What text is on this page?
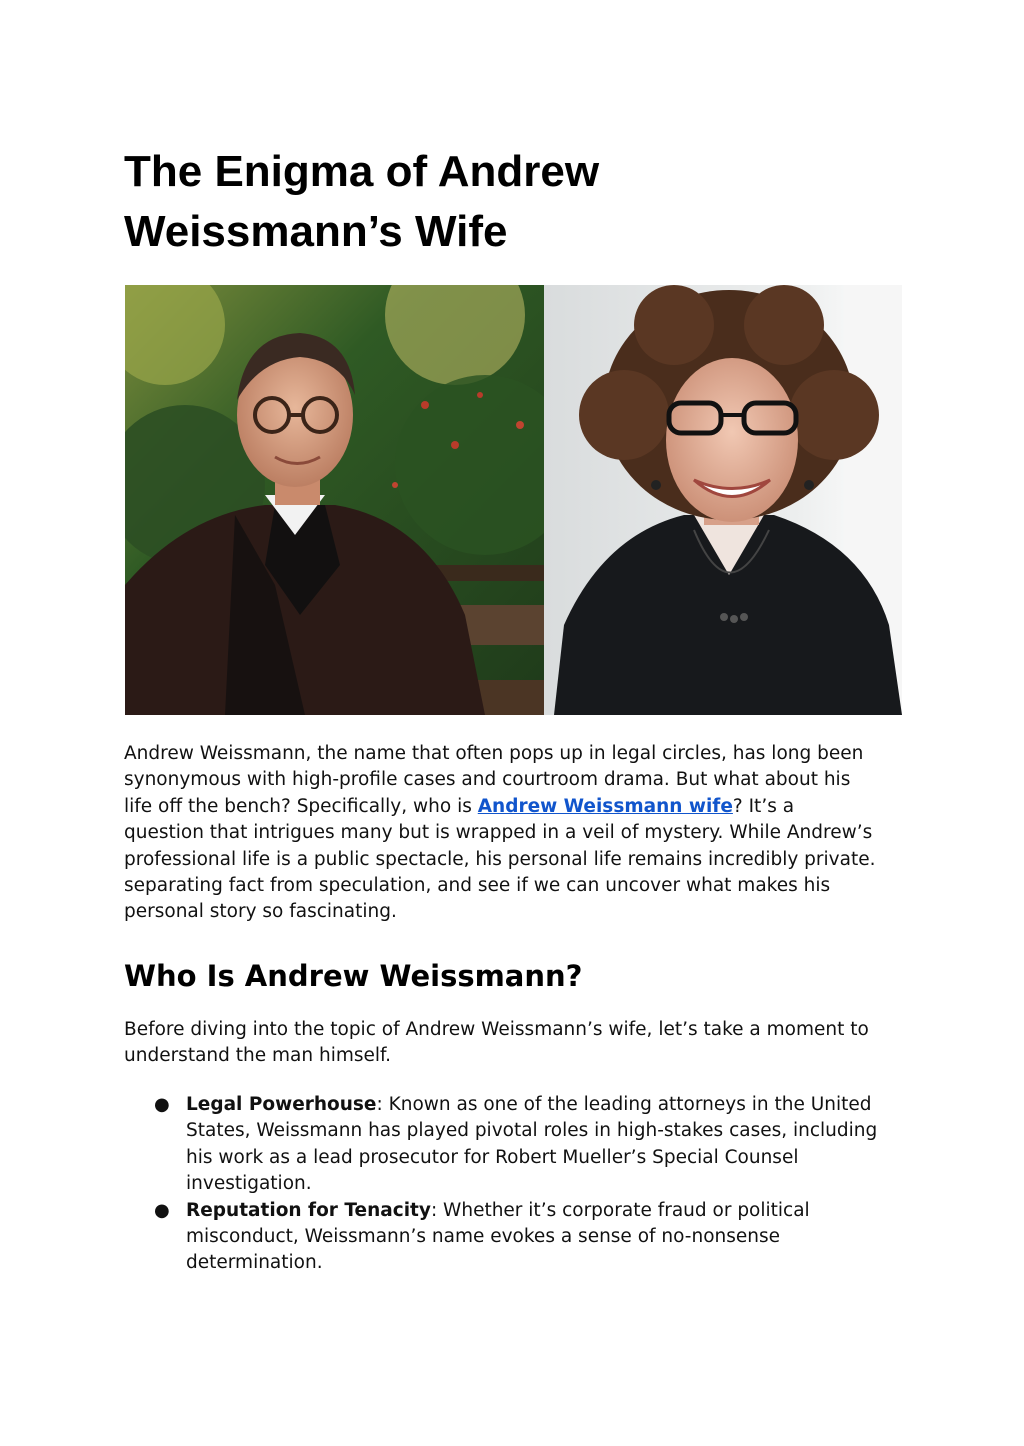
The Enigma of Andrew
Weissmann’s Wife

Andrew Weissmann, the name that often pops up in legal circles, has long been
synonymous with high-profile cases and courtroom drama. But what about his
life off the bench? Specifically, who is Andrew Weissmann wife? It’s a
question that intrigues many but is wrapped in a veil of mystery. While Andrew’s
professional life is a public spectacle, his personal life remains incredibly private.
separating fact from speculation, and see if we can uncover what makes his
personal story so fascinating.

Who Is Andrew Weissmann?

Before diving into the topic of Andrew Weissmann’s wife, let’s take a moment to
understand the man himself.

● Legal Powerhouse: Known as one of the leading attorneys in the United
States, Weissmann has played pivotal roles in high-stakes cases, including
his work as a lead prosecutor for Robert Mueller’s Special Counsel
investigation.
● Reputation for Tenacity: Whether it’s corporate fraud or political
misconduct, Weissmann’s name evokes a sense of no-nonsense
determination.
